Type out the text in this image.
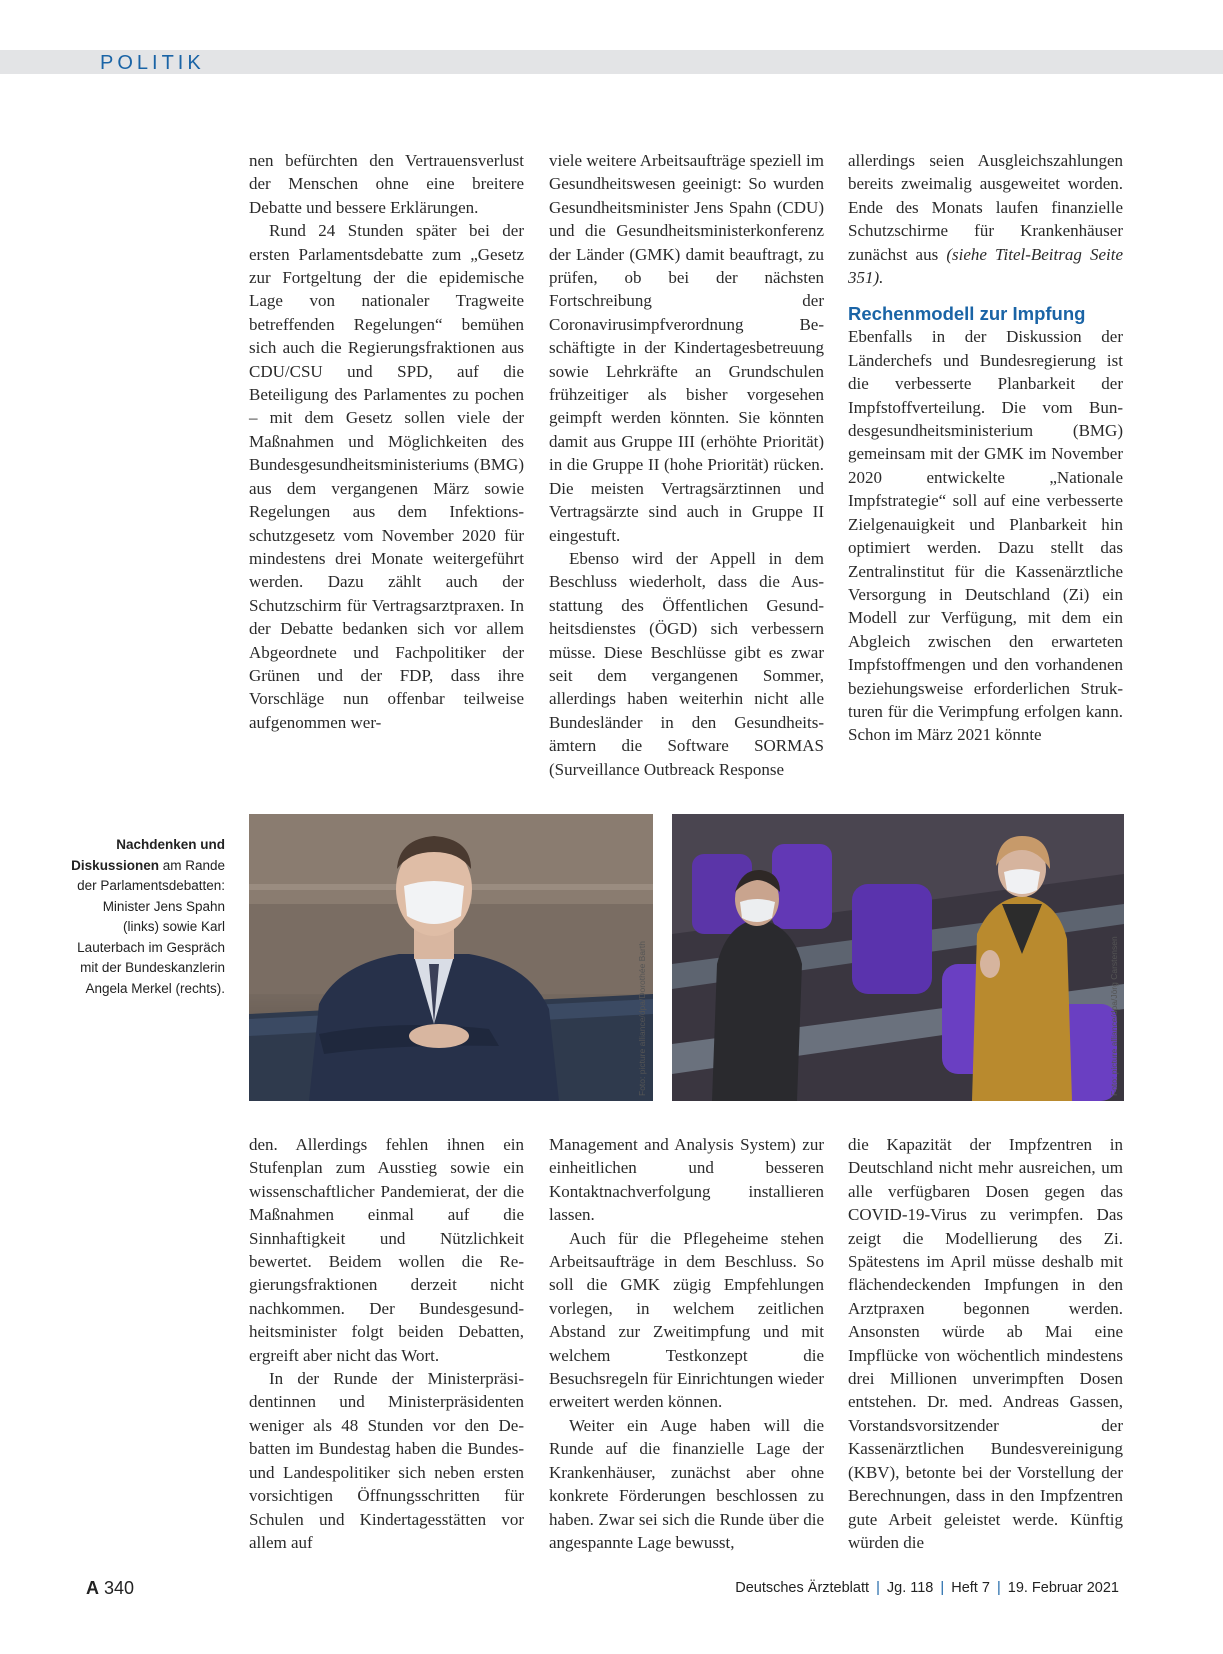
POLITIK

nen befürchten den Vertrauensverlust der Menschen ohne eine breitere Debatte und bessere Erklärungen.

Rund 24 Stunden später bei der ersten Parlamentsdebatte zum „Gesetz zur Fortgeltung der die epidemische Lage von nationaler Tragweite betreffenden Regelungen“ bemühen sich auch die Regierungsfraktionen aus CDU/CSU und SPD, auf die Beteiligung des Parlamentes zu pochen – mit dem Gesetz sollen viele der Maßnahmen und Möglichkeiten des Bundesgesundheitsministeriums (BMG) aus dem vergangenen März sowie Regelungen aus dem Infektionsschutzgesetz vom November 2020 für mindestens drei Monate weitergeführt werden. Dazu zählt auch der Schutzschirm für Vertragsarztpraxen. In der Debatte bedanken sich vor allem Abgeordnete und Fachpolitiker der Grünen und der FDP, dass ihre Vorschläge nun offenbar teilweise aufgenommen wer-

viele weitere Arbeitsaufträge speziell im Gesundheitswesen geeinigt: So wurden Gesundheitsminister Jens Spahn (CDU) und die Gesundheitsministerkonferenz der Länder (GMK) damit beauftragt, zu prüfen, ob bei der nächsten Fortschreibung der Coronavirusimpfverordnung Beschäftigte in der Kindertagesbetreuung sowie Lehrkräfte an Grundschulen frühzeitiger als bisher vorgesehen geimpft werden könnten. Sie könnten damit aus Gruppe III (erhöhte Priorität) in die Gruppe II (hohe Priorität) rücken. Die meisten Vertragsärztinnen und Vertragsärzte sind auch in Gruppe II eingestuft.

Ebenso wird der Appell in dem Beschluss wiederholt, dass die Ausstattung des Öffentlichen Gesundheitsdienstes (ÖGD) sich verbessern müsse. Diese Beschlüsse gibt es zwar seit dem vergangenen Sommer, allerdings haben weiterhin nicht alle Bundesländer in den Gesundheitsämtern die Software SORMAS (Surveillance Outbreack Response

allerdings seien Ausgleichszahlungen bereits zweimalig ausgeweitet worden. Ende des Monats laufen finanzielle Schutzschirme für Krankenhäuser zunächst aus (siehe Titel-Beitrag Seite 351).

Rechenmodell zur Impfung

Ebenfalls in der Diskussion der Länderchefs und Bundesregierung ist die verbesserte Planbarkeit der Impfstoffverteilung. Die vom Bundesgesundheitsministerium (BMG) gemeinsam mit der GMK im November 2020 entwickelte „Nationale Impfstrategie“ soll auf eine verbesserte Zielgenauigkeit und Planbarkeit hin optimiert werden. Dazu stellt das Zentralinstitut für die Kassenärztliche Versorgung in Deutschland (Zi) ein Modell zur Verfügung, mit dem ein Abgleich zwischen den erwarteten Impfstoffmengen und den vorhandenen beziehungsweise erforderlichen Strukturen für die Verimpfung erfolgen kann. Schon im März 2021 könnte

Nachdenken und Diskussionen am Rande der Parlamentsdebatten: Minister Jens Spahn (links) sowie Karl Lauterbach im Gespräch mit der Bundeskanzlerin Angela Merkel (rechts).	Foto: picture alliance/dpa/Dorothée Barth	Foto: picture alliance/dpa/Jörg Carstensen

den. Allerdings fehlen ihnen ein Stufenplan zum Ausstieg sowie ein wissenschaftlicher Pandemierat, der die Maßnahmen einmal auf die Sinnhaftigkeit und Nützlichkeit bewertet. Beidem wollen die Regierungsfraktionen derzeit nicht nachkommen. Der Bundesgesundheitsminister folgt beiden Debatten, ergreift aber nicht das Wort.

In der Runde der Ministerpräsidentinnen und Ministerpräsidenten weniger als 48 Stunden vor den Debatten im Bundestag haben die Bundes- und Landespolitiker sich neben ersten vorsichtigen Öffnungsschritten für Schulen und Kindertagesstätten vor allem auf

Management and Analysis System) zur einheitlichen und besseren Kontaktnachverfolgung installieren lassen.

Auch für die Pflegeheime stehen Arbeitsaufträge in dem Beschluss. So soll die GMK zügig Empfehlungen vorlegen, in welchem zeitlichen Abstand zur Zweitimpfung und mit welchem Testkonzept die Besuchsregeln für Einrichtungen wieder erweitert werden können.

Weiter ein Auge haben will die Runde auf die finanzielle Lage der Krankenhäuser, zunächst aber ohne konkrete Förderungen beschlossen zu haben. Zwar sei sich die Runde über die angespannte Lage bewusst,

die Kapazität der Impfzentren in Deutschland nicht mehr ausreichen, um alle verfügbaren Dosen gegen das COVID-19-Virus zu verimpfen. Das zeigt die Modellierung des Zi. Spätestens im April müsse deshalb mit flächendeckenden Impfungen in den Arztpraxen begonnen werden. Ansonsten würde ab Mai eine Impflücke von wöchentlich mindestens drei Millionen unverimpften Dosen entstehen. Dr. med. Andreas Gassen, Vorstandsvorsitzender der Kassenärztlichen Bundesvereinigung (KBV), betonte bei der Vorstellung der Berechnungen, dass in den Impfzentren gute Arbeit geleistet werde. Künftig würden die

A 340	Deutsches Ärzteblatt | Jg. 118 | Heft 7 | 19. Februar 2021
